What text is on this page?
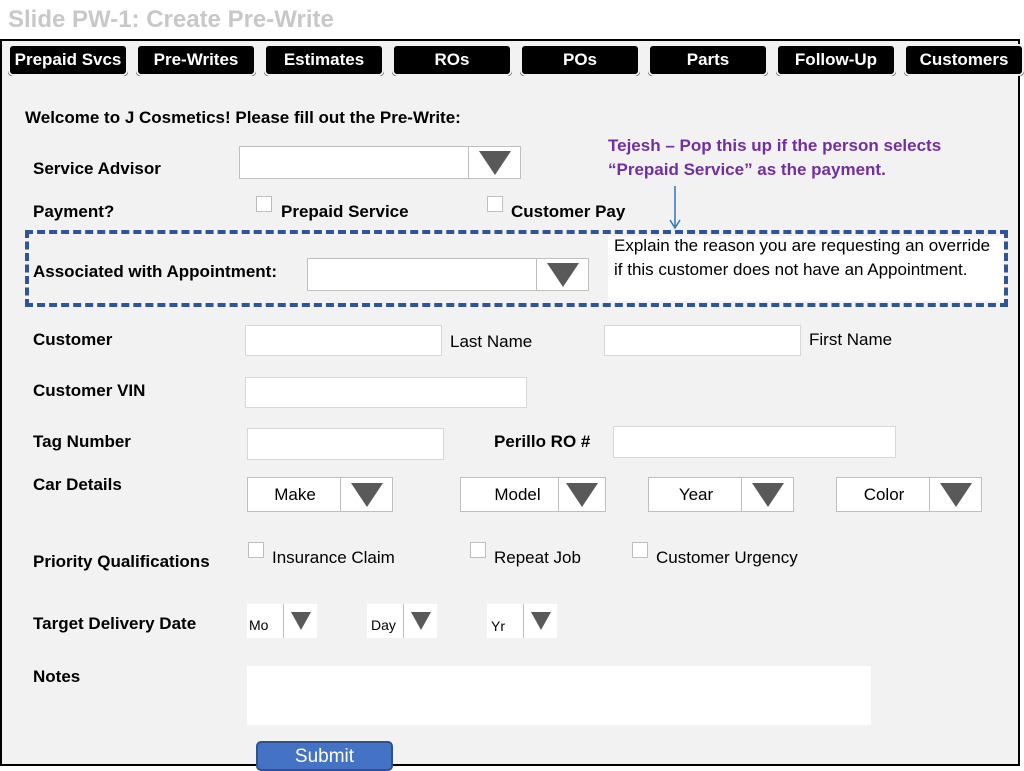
Slide PW-1: Create Pre-Write
Prepaid Svcs	Pre-Writes	Estimates	ROs	POs	Parts	Follow-Up	Customers
Welcome to J Cosmetics! Please fill out the Pre-Write:
Tejesh – Pop this up if the person selects
“Prepaid Service” as the payment.
Service Advisor
Payment?	Prepaid Service	Customer Pay
Associated with Appointment:
Explain the reason you are requesting an override if this customer does not have an Appointment.
Customer	Last Name	First Name
Customer VIN
Tag Number	Perillo RO #
Car Details	Make	Model	Year	Color
Priority Qualifications	Insurance Claim	Repeat Job	Customer Urgency
Target Delivery Date	Mo	Day	Yr
Notes
Submit
